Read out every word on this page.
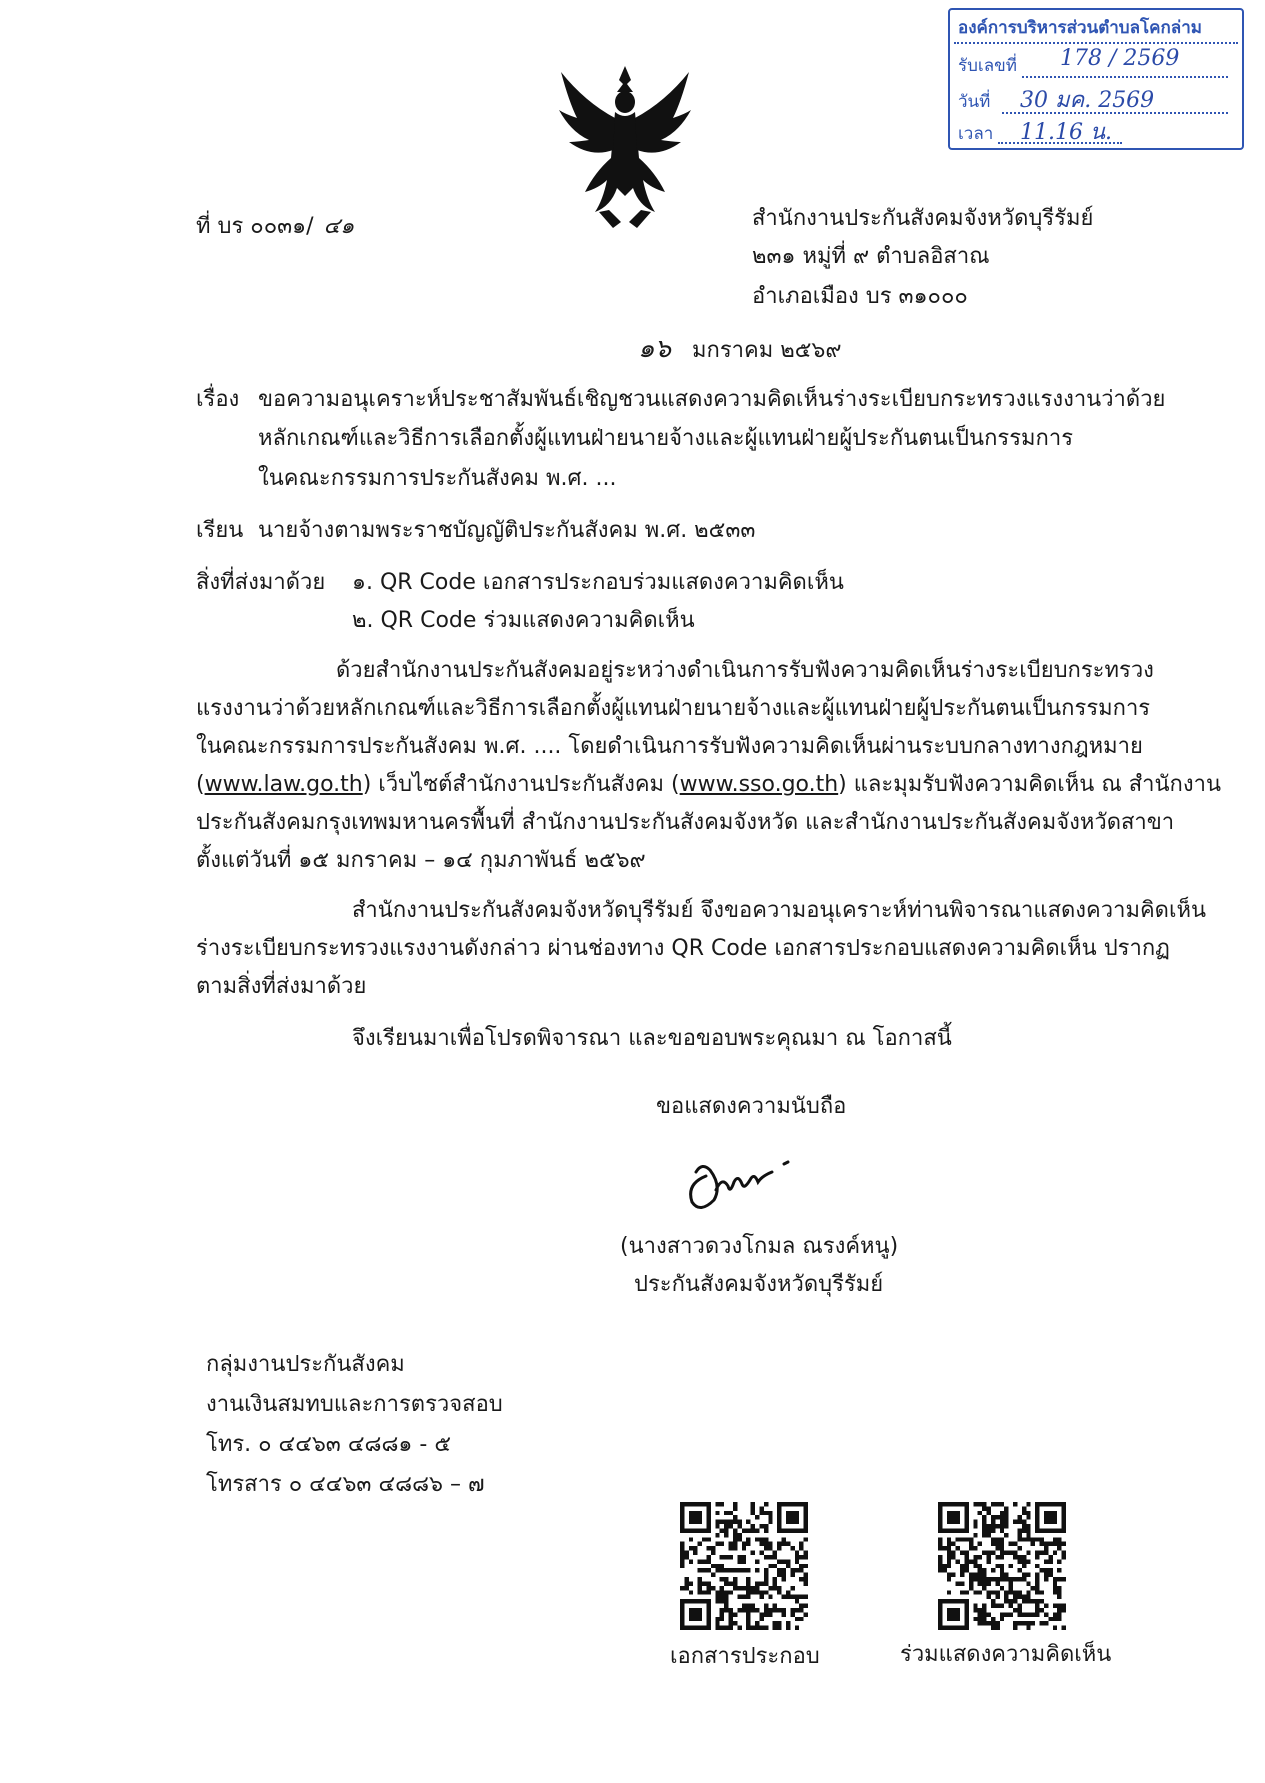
องค์การบริหารส่วนตำบลโคกล่าม
รับเลขที่ 178 / 2569
วันที่ 30 มค. 2569
เวลา 11.16 น.
ที่ บร ๐๐๓๑/ ๔๑	สำนักงานประกันสังคมจังหวัดบุรีรัมย์
๒๓๑ หมู่ที่ ๙ ตำบลอิสาณ
อำเภอเมือง บร ๓๑๐๐๐
๑๖ มกราคม ๒๕๖๙
เรื่อง ขอความอนุเคราะห์ประชาสัมพันธ์เชิญชวนแสดงความคิดเห็นร่างระเบียบกระทรวงแรงงานว่าด้วย
หลักเกณฑ์และวิธีการเลือกตั้งผู้แทนฝ่ายนายจ้างและผู้แทนฝ่ายผู้ประกันตนเป็นกรรมการ
ในคณะกรรมการประกันสังคม พ.ศ. ...
เรียน นายจ้างตามพระราชบัญญัติประกันสังคม พ.ศ. ๒๕๓๓
สิ่งที่ส่งมาด้วย ๑. QR Code เอกสารประกอบร่วมแสดงความคิดเห็น
๒. QR Code ร่วมแสดงความคิดเห็น
ด้วยสำนักงานประกันสังคมอยู่ระหว่างดำเนินการรับฟังความคิดเห็นร่างระเบียบกระทรวง
แรงงานว่าด้วยหลักเกณฑ์และวิธีการเลือกตั้งผู้แทนฝ่ายนายจ้างและผู้แทนฝ่ายผู้ประกันตนเป็นกรรมการ
ในคณะกรรมการประกันสังคม พ.ศ. .... โดยดำเนินการรับฟังความคิดเห็นผ่านระบบกลางทางกฎหมาย
(www.law.go.th) เว็บไซต์สำนักงานประกันสังคม (www.sso.go.th) และมุมรับฟังความคิดเห็น ณ สำนักงาน
ประกันสังคมกรุงเทพมหานครพื้นที่ สำนักงานประกันสังคมจังหวัด และสำนักงานประกันสังคมจังหวัดสาขา
ตั้งแต่วันที่ ๑๕ มกราคม – ๑๔ กุมภาพันธ์ ๒๕๖๙
สำนักงานประกันสังคมจังหวัดบุรีรัมย์ จึงขอความอนุเคราะห์ท่านพิจารณาแสดงความคิดเห็น
ร่างระเบียบกระทรวงแรงงานดังกล่าว ผ่านช่องทาง QR Code เอกสารประกอบแสดงความคิดเห็น ปรากฏ
ตามสิ่งที่ส่งมาด้วย
จึงเรียนมาเพื่อโปรดพิจารณา และขอขอบพระคุณมา ณ โอกาสนี้
ขอแสดงความนับถือ
(นางสาวดวงโกมล ณรงค์หนู)
ประกันสังคมจังหวัดบุรีรัมย์
กลุ่มงานประกันสังคม
งานเงินสมทบและการตรวจสอบ
โทร. ๐ ๔๔๖๓ ๔๘๘๑ - ๕
โทรสาร ๐ ๔๔๖๓ ๔๘๘๖ – ๗
เอกสารประกอบ	ร่วมแสดงความคิดเห็น
